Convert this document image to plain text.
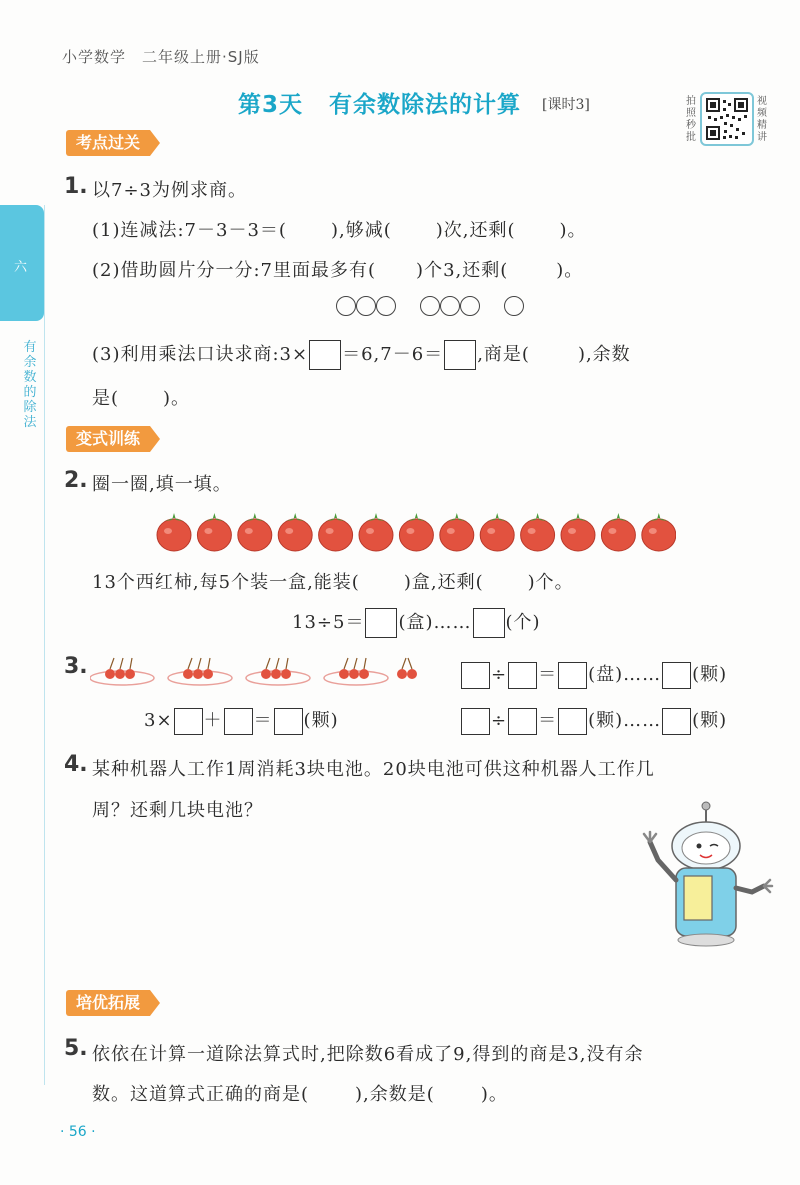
小学数学　二年级上册·SJ版
第3天 有余数除法的计算 [课时3]	拍照秒批
视频精讲
六
有余数的除法
考点过关
1. 以7÷3为例求商。
(1)连减法:7－3－3＝( ),够减( )次,还剩( )。
(2)借助圆片分一分:7里面最多有( )个3,还剩(	)。

(3)利用乘法口诀求商:3× ＝6,7－6＝ ,商是(	),余数
是( )。
变式训练
2. 圈一圈,填一填。
13个西红柿,每5个装一盒,能装( )盒,还剩( )个。
13÷5＝ (盒)…… (个)
3.	÷ ＝ (盘)…… (颗)
3× ＋ ＝ (颗)	÷ ＝ (颗)…… (颗)
4. 某种机器人工作1周消耗3块电池。20块电池可供这种机器人工作几
周？还剩几块电池？
培优拓展
5. 依依在计算一道除法算式时,把除数6看成了9,得到的商是3,没有余
数。这道算式正确的商是(	),余数是(	)。
· 56 ·
